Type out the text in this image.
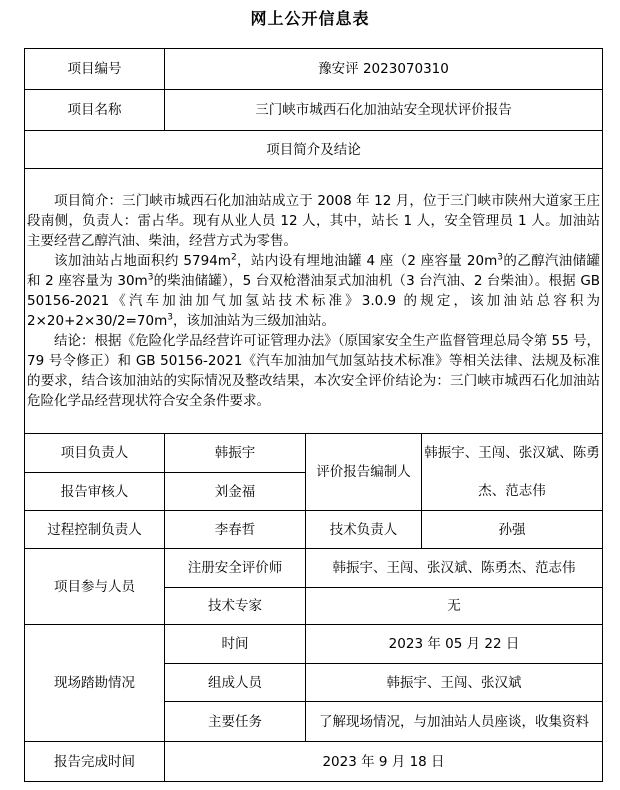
网上公开信息表
项目编号	豫安评 2023070310		
项目名称	三门峡市城西石化加油站安全现状评价报告		
项目简介及结论			

项目简介：三门峡市城西石化加油站成立于 2008 年 12 月，位于三门峡市陕州大道家王庄段南侧，负责人：雷占华。现有从业人员 12 人，其中，站长 1 人，安全管理员 1 人。加油站主要经营乙醇汽油、柴油，经营方式为零售。

该加油站占地面积约 $5794m^2$，站内设有埋地油罐 4 座（2 座容量 $20m^3$的乙醇汽油储罐和 2 座容量为 $30m^3$的柴油储罐），5 台双枪潜油泵式加油机（3 台汽油、2 台柴油）。根据 GB 50156-2021《汽车加油加气加氢站技术标准》3.0.9 的规定，该加油站总容积为 $2\times 20+2\times 30/2=70m^3$，该加油站为三级加油站。

结论：根据《危险化学品经营许可证管理办法》（原国家安全生产监督管理总局令第 55 号，79 号令修正）和 GB 50156-2021《汽车加油加气加氢站技术标准》等相关法律、法规及标准的要求，结合该加油站的实际情况及整改结果，本次安全评价结论为：三门峡市城西石化加油站危险化学品经营现状符合安全条件要求。			

项目负责人	韩振宇	评价报告编制人	韩振宇、王闯、张汉斌、陈勇杰、范志伟
报告审核人	刘金福		
过程控制负责人	李春哲	技术负责人	孙强
项目参与人员	注册安全评价师	韩振宇、王闯、张汉斌、陈勇杰、范志伟	
	技术专家	无	
现场踏勘情况	时间	2023 年 05 月 22 日	
	组成人员	韩振宇、王闯、张汉斌	
	主要任务	了解现场情况，与加油站人员座谈，收集资料	
报告完成时间	2023 年 9 月 18 日		
